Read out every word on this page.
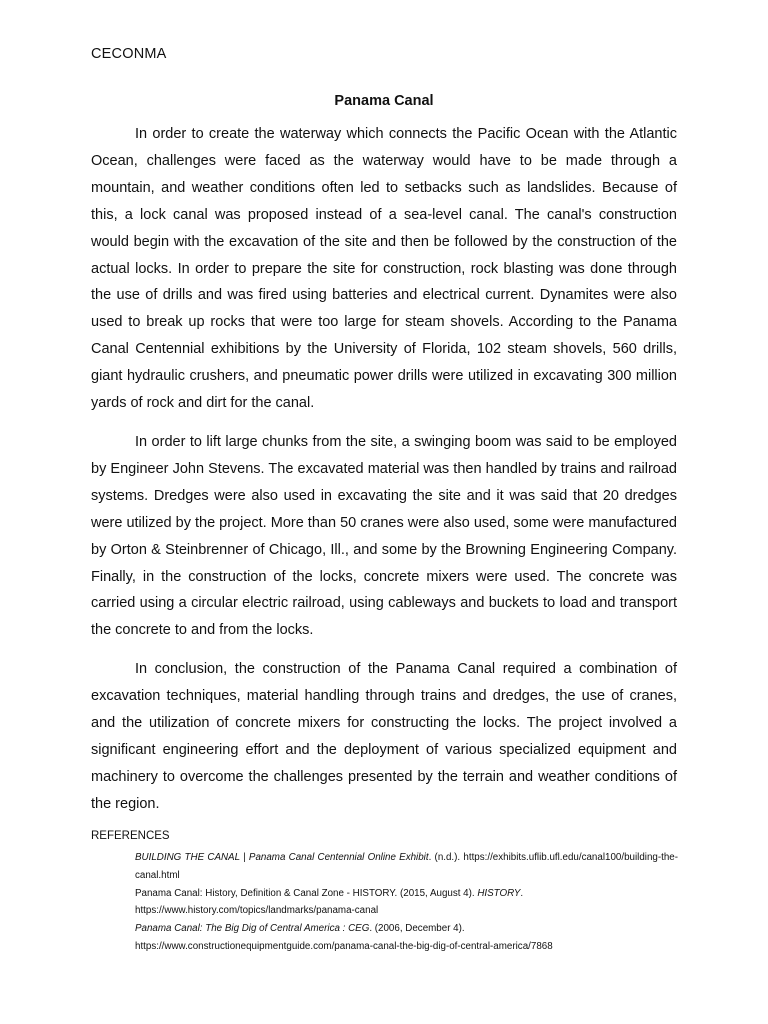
CECONMA
Panama Canal

In order to create the waterway which connects the Pacific Ocean with the Atlantic Ocean, challenges were faced as the waterway would have to be made through a mountain, and weather conditions often led to setbacks such as landslides. Because of this, a lock canal was proposed instead of a sea-level canal. The canal's construction would begin with the excavation of the site and then be followed by the construction of the actual locks. In order to prepare the site for construction, rock blasting was done through the use of drills and was fired using batteries and electrical current. Dynamites were also used to break up rocks that were too large for steam shovels. According to the Panama Canal Centennial exhibitions by the University of Florida, 102 steam shovels, 560 drills, giant hydraulic crushers, and pneumatic power drills were utilized in excavating 300 million yards of rock and dirt for the canal.

In order to lift large chunks from the site, a swinging boom was said to be employed by Engineer John Stevens. The excavated material was then handled by trains and railroad systems. Dredges were also used in excavating the site and it was said that 20 dredges were utilized by the project. More than 50 cranes were also used, some were manufactured by Orton & Steinbrenner of Chicago, Ill., and some by the Browning Engineering Company. Finally, in the construction of the locks, concrete mixers were used. The concrete was carried using a circular electric railroad, using cableways and buckets to load and transport the concrete to and from the locks.

In conclusion, the construction of the Panama Canal required a combination of excavation techniques, material handling through trains and dredges, the use of cranes, and the utilization of concrete mixers for constructing the locks. The project involved a significant engineering effort and the deployment of various specialized equipment and machinery to overcome the challenges presented by the terrain and weather conditions of the region.

REFERENCES

BUILDING THE CANAL | Panama Canal Centennial Online Exhibit. (n.d.). https://exhibits.uflib.ufl.edu/canal100/building-the-canal.html

Panama Canal: History, Definition & Canal Zone - HISTORY. (2015, August 4). HISTORY.
https://www.history.com/topics/landmarks/panama-canal

Panama Canal: The Big Dig of Central America : CEG. (2006, December 4).
https://www.constructionequipmentguide.com/panama-canal-the-big-dig-of-central-america/7868
